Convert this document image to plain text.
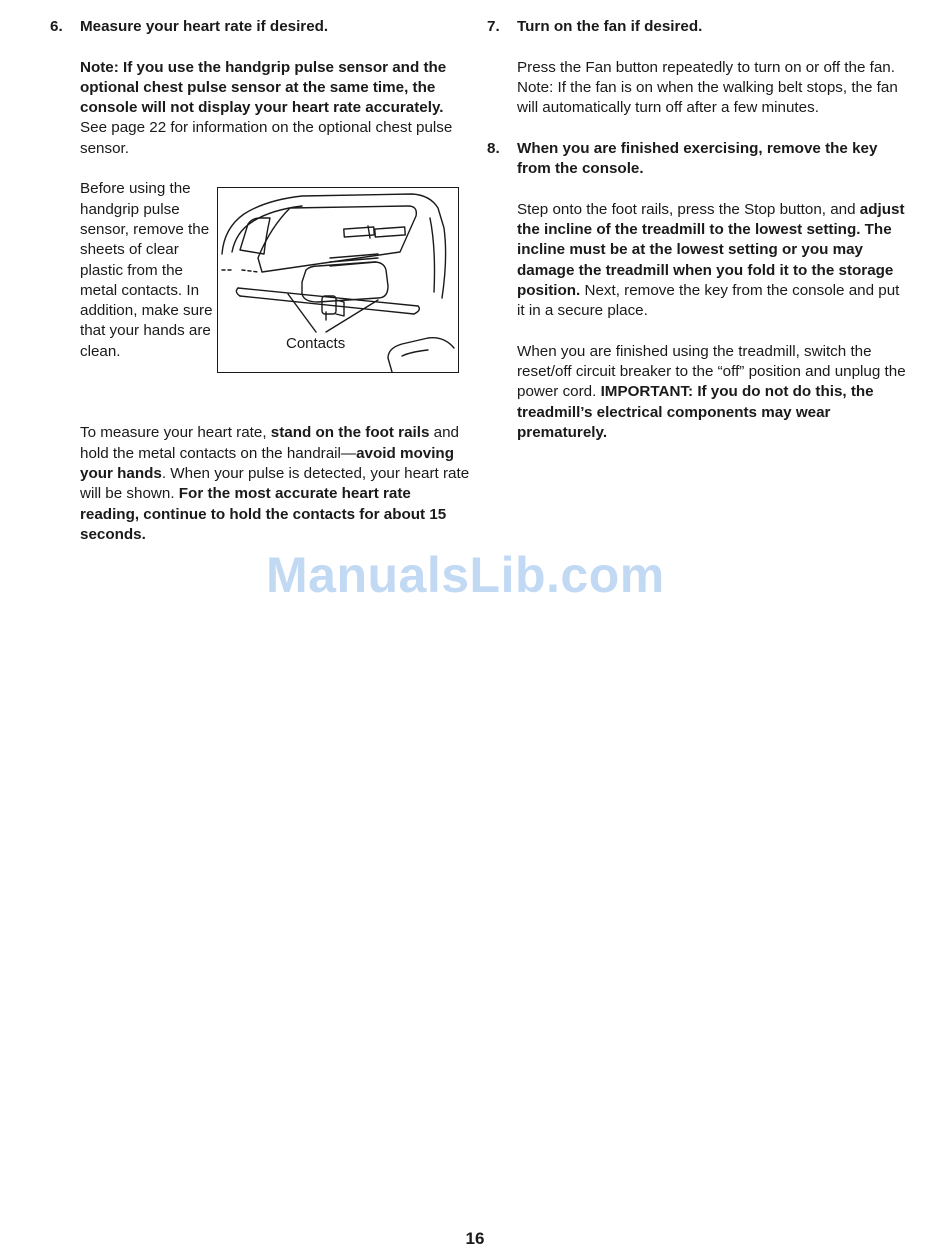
6. Measure your heart rate if desired.

Note: If you use the handgrip pulse sensor and the optional chest pulse sensor at the same time, the console will not display your heart rate accurately. See page 22 for information on the optional chest pulse sensor.

Before using the handgrip pulse sensor, remove the sheets of clear plastic from the metal contacts. In addition, make sure that your hands are clean.	Contacts

To measure your heart rate, stand on the foot rails and hold the metal contacts on the handrail—avoid moving your hands. When your pulse is detected, your heart rate will be shown. For the most accurate heart rate reading, continue to hold the contacts for about 15 seconds.

7. Turn on the fan if desired.

Press the Fan button repeatedly to turn on or off the fan. Note: If the fan is on when the walking belt stops, the fan will automatically turn off after a few minutes.

8. When you are finished exercising, remove the key from the console.

Step onto the foot rails, press the Stop button, and adjust the incline of the treadmill to the lowest setting. The incline must be at the lowest setting or you may damage the treadmill when you fold it to the storage position. Next, remove the key from the console and put it in a secure place.

When you are finished using the treadmill, switch the reset/off circuit breaker to the “off” position and unplug the power cord. IMPORTANT: If you do not do this, the treadmill’s electrical components may wear prematurely.

ManualsLib.com
16
